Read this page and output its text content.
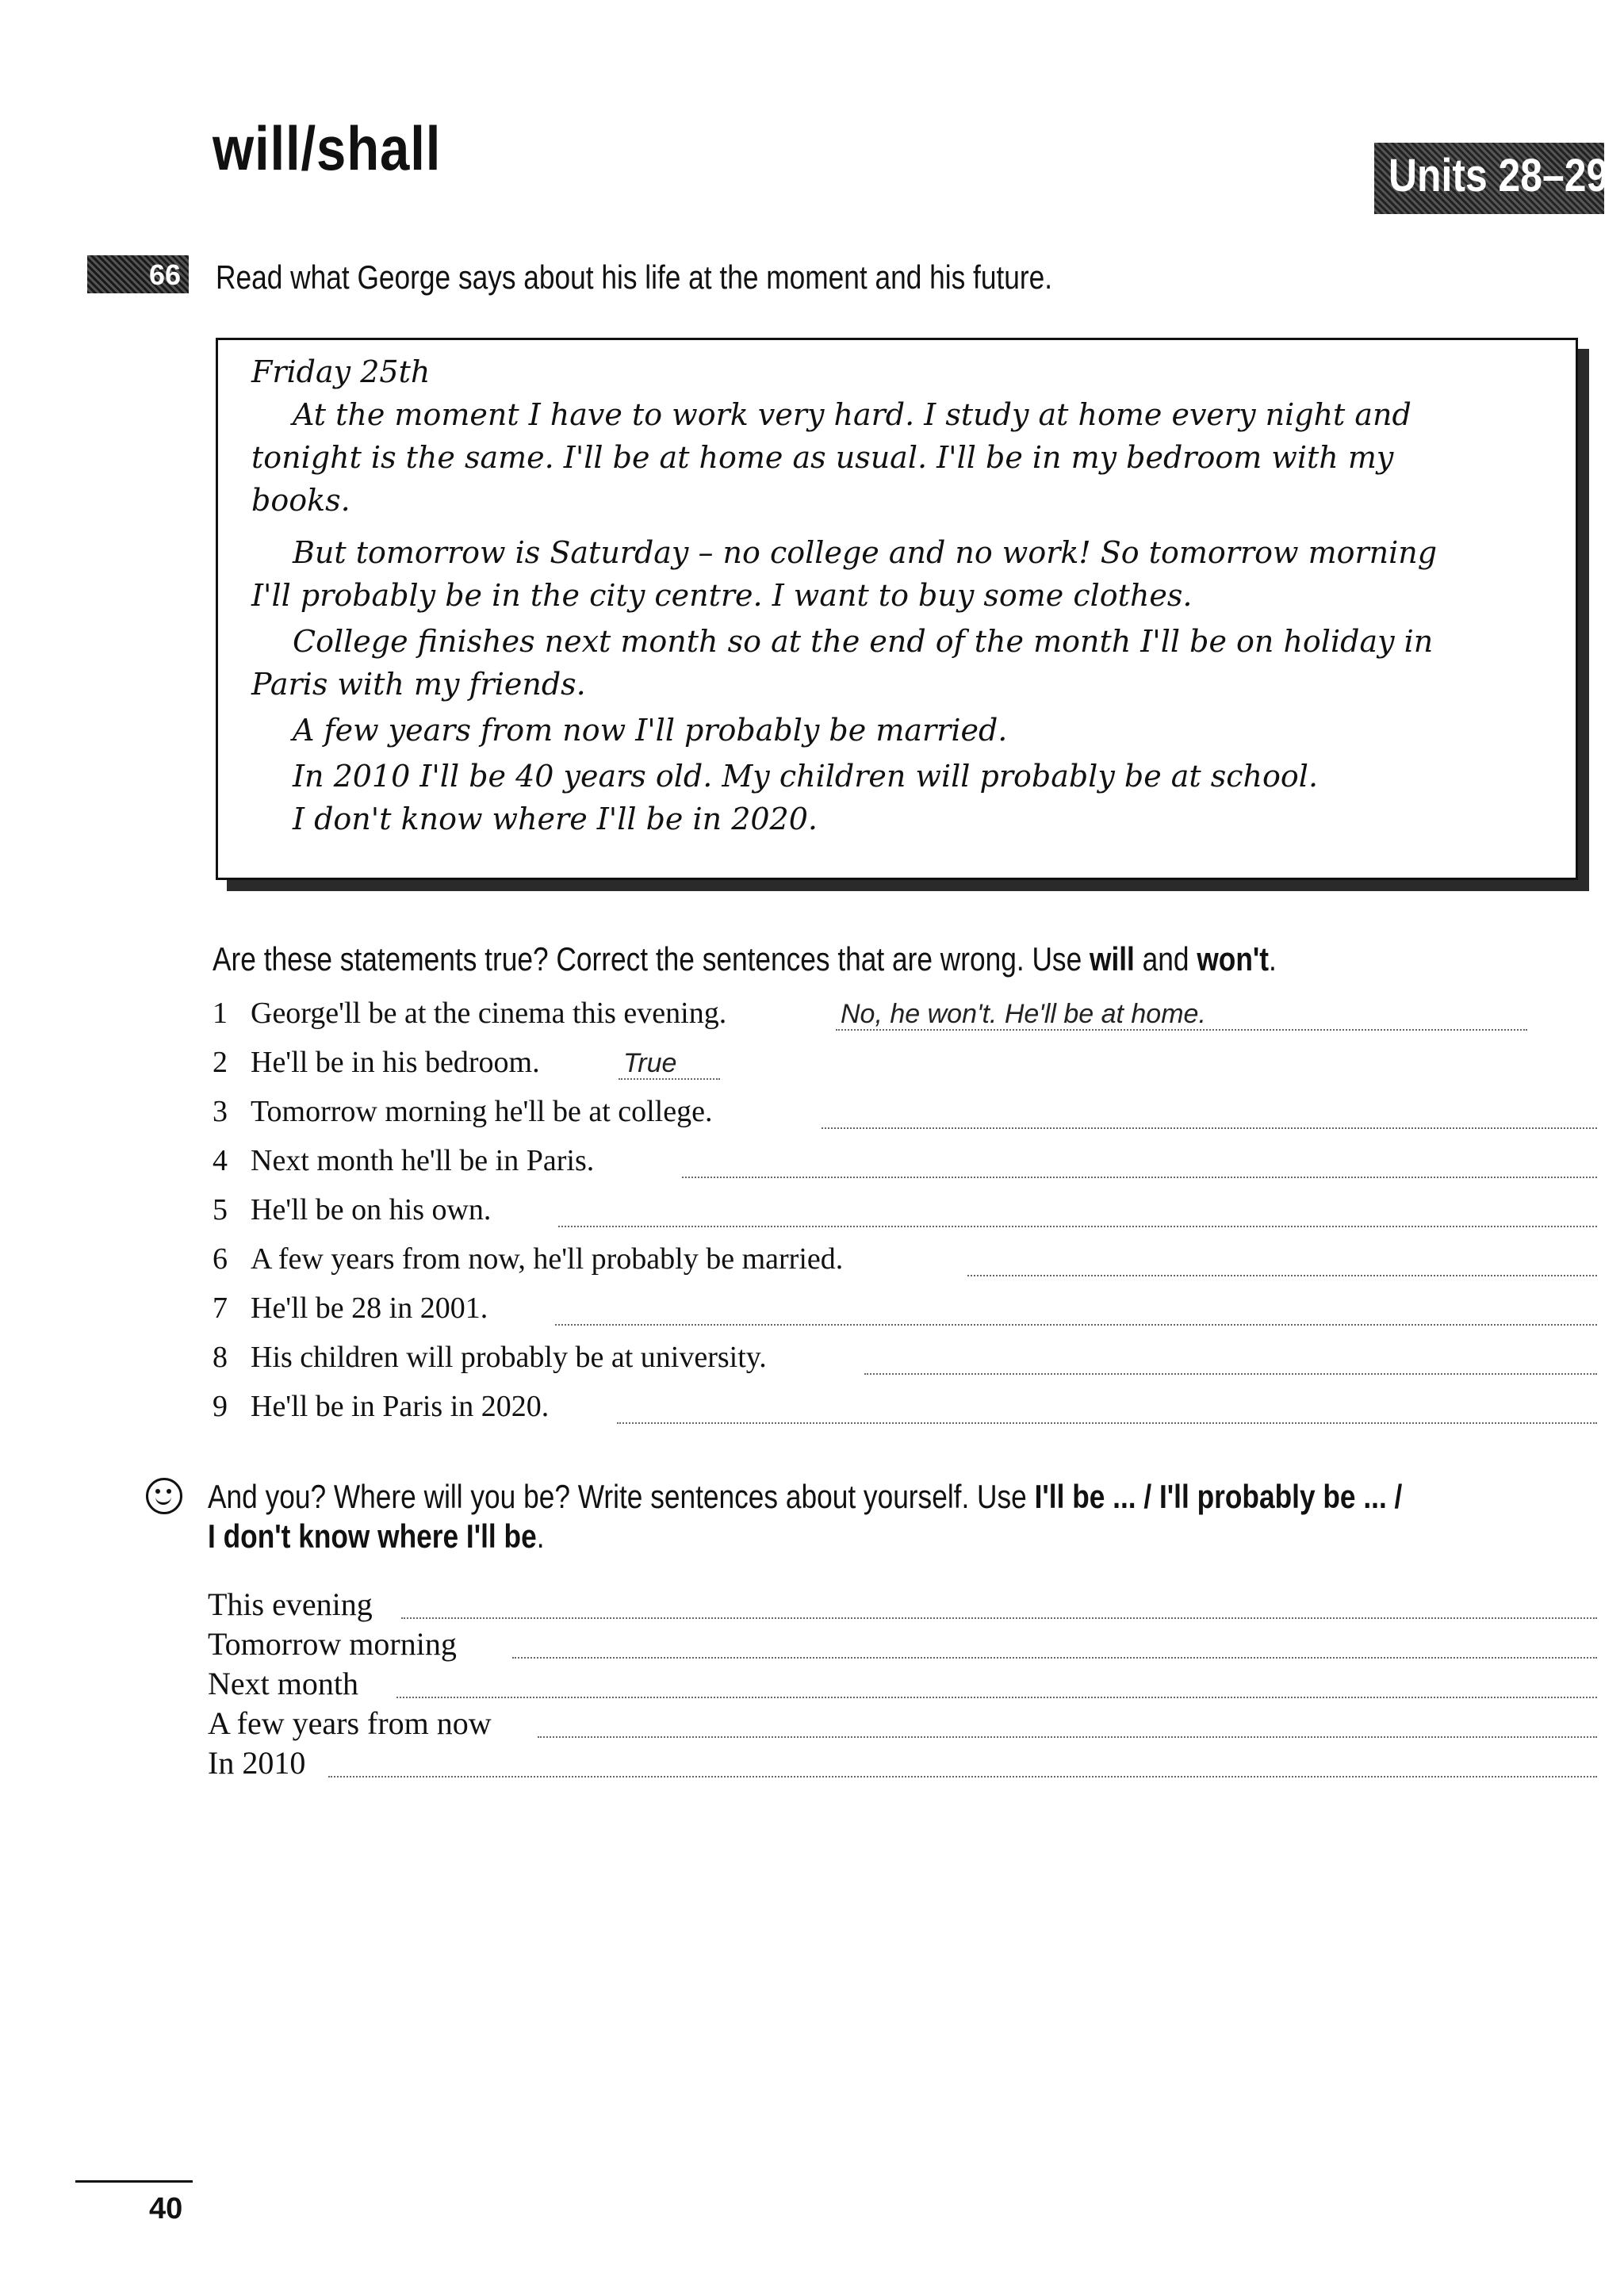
will/shall	Units 28–29
66 Read what George says about his life at the moment and his future.
Friday 25th
At the moment I have to work very hard. I study at home every night and
tonight is the same. I'll be at home as usual. I'll be in my bedroom with my
books.
But tomorrow is Saturday – no college and no work! So tomorrow morning
I'll probably be in the city centre. I want to buy some clothes.
College finishes next month so at the end of the month I'll be on holiday in
Paris with my friends.
A few years from now I'll probably be married.
In 2010 I'll be 40 years old. My children will probably be at school.
I don't know where I'll be in 2020.
Are these statements true? Correct the sentences that are wrong. Use will and won't.
1 George'll be at the cinema this evening.	No, he won't. He'll be at home.
2 He'll be in his bedroom.	True
3 Tomorrow morning he'll be at college.
4 Next month he'll be in Paris.
5 He'll be on his own.
6 A few years from now, he'll probably be married.
7 He'll be 28 in 2001.
8 His children will probably be at university.
9 He'll be in Paris in 2020.
And you? Where will you be? Write sentences about yourself. Use I'll be ... / I'll probably be ... /
I don't know where I'll be.
This evening
Tomorrow morning
Next month
A few years from now
In 2010
40
